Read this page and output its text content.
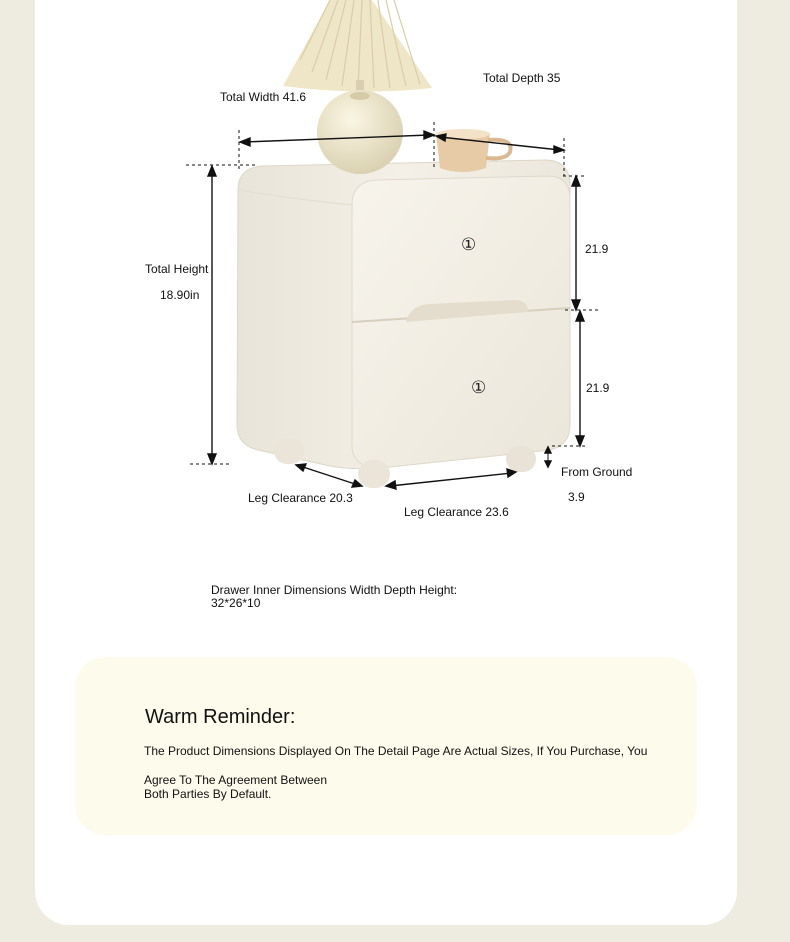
①
①
Total Width 41.6
Total Depth 35
Total Height
18.90in
21.9
21.9
From Ground
3.9
Leg Clearance 20.3
Leg Clearance 23.6
Drawer Inner Dimensions Width Depth Height:
32*26*10
Warm Reminder:
The Product Dimensions Displayed On The Detail Page Are Actual Sizes, If You Purchase, You
Agree To The Agreement Between Both Parties By Default.
